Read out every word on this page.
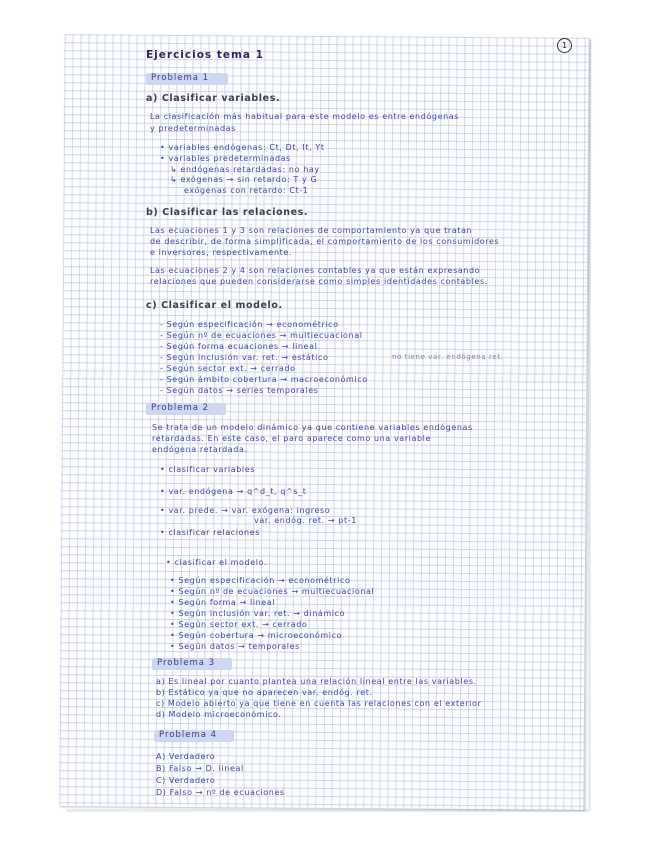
1
Ejercicios tema 1
Problema 1
a) Clasificar variables.
La clasificación más habitual para este modelo es entre endógenas
y predeterminadas
• variables endógenas: Ct, Dt, It, Yt
• variables predeterminadas
↳ endógenas retardadas: no hay
↳ exógenas → sin retardo: T y G
exógenas con retardo: Ct-1
b) Clasificar las relaciones.
Las ecuaciones 1 y 3 son relaciones de comportamiento ya que tratan
de describir, de forma simplificada, el comportamiento de los consumidores
e inversores, respectivamente.
Las ecuaciones 2 y 4 son relaciones contables ya que están expresando
relaciones que pueden considerarse como simples identidades contables.
c) Clasificar el modelo.
- Según especificación → econométrico
- Según nº de ecuaciones → multiecuacional
- Según forma ecuaciones → lineal
- Según inclusión var. ret. → estático	no tiene var. endógena ret.
- Según sector ext. → cerrado
- Según ámbito cobertura → macroeconómico
- Según datos → series temporales
Problema 2
Se trata de un modelo dinámico ya que contiene variables endógenas
retardadas. En este caso, el paro aparece como una variable
endógena retardada.
• clasificar variables
• var. endógena → q^d_t, q^s_t
• var. prede. → var. exógena: ingreso
var. endóg. ret. → pt-1
• clasificar relaciones
• clasificar el modelo.
• Según especificación → econométrico
• Según nº de ecuaciones → multiecuacional
• Según forma → lineal
• Según inclusión var. ret. → dinámico
• Según sector ext. → cerrado
• Según cobertura → microeconómico
• Según datos → temporales
Problema 3
a) Es lineal por cuanto plantea una relación lineal entre las variables.
b) Estático ya que no aparecen var. endóg. ret.
c) Modelo abierto ya que tiene en cuenta las relaciones con el exterior
d) Modelo microeconómico.
Problema 4
A) Verdadero
B) Falso → D. lineal
C) Verdadero
D) Falso → nº de ecuaciones
